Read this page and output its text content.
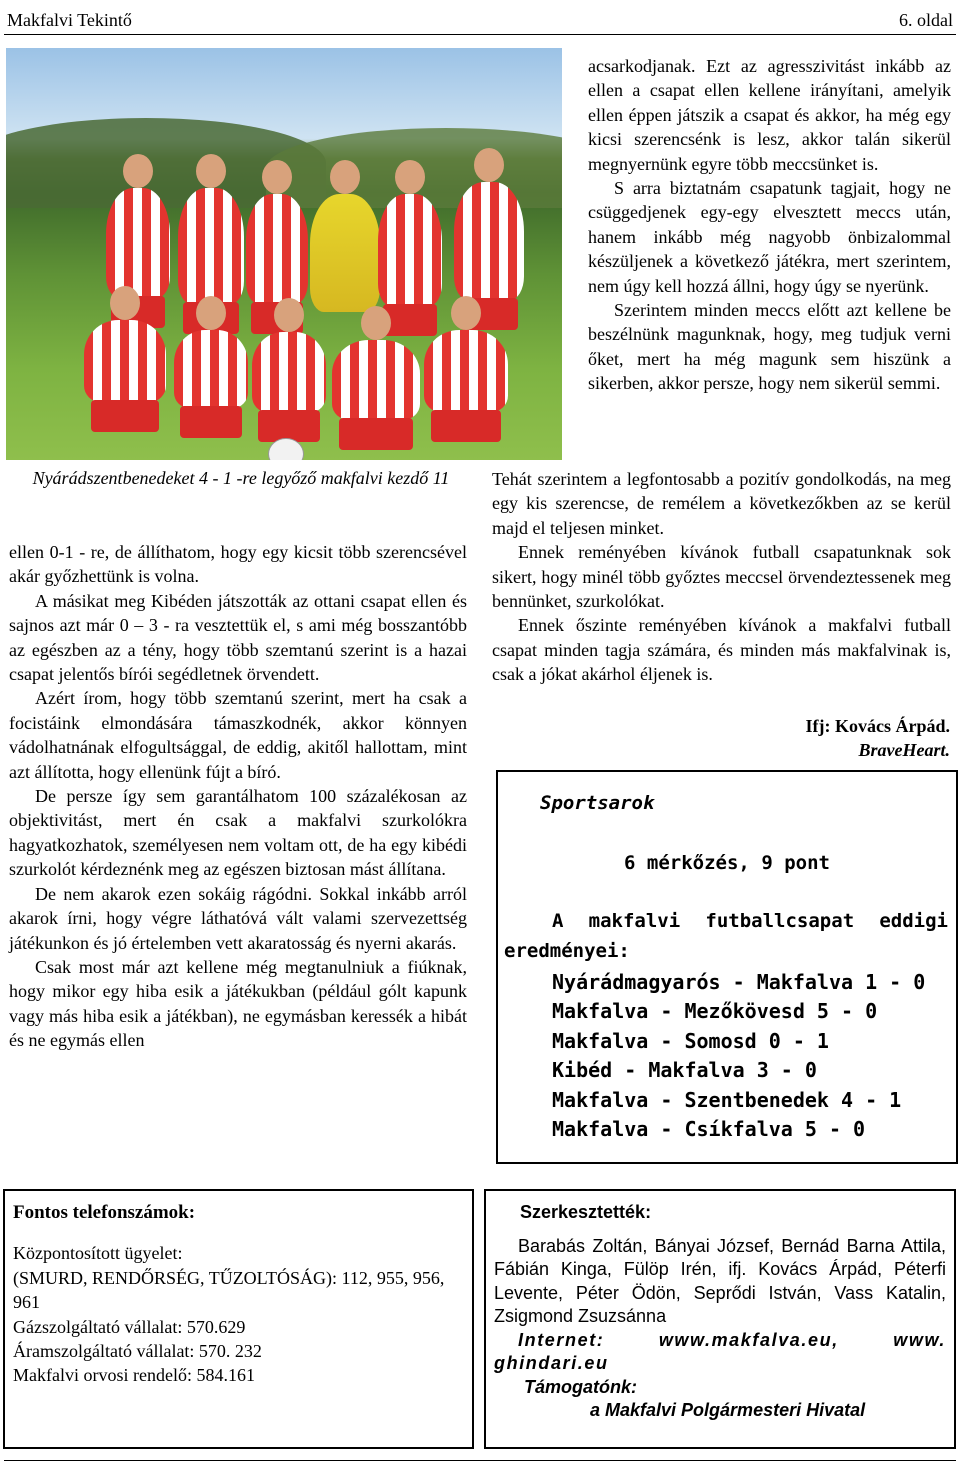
Makfalvi Tekintő	6. oldal
Nyárádszentbenedeket 4 - 1 -re legyőző makfalvi kezdő 11

ellen 0-1 - re, de állíthatom, hogy egy kicsit több szerencsével akár győzhettünk is volna.

A másikat meg Kibéden játszották az ottani csapat ellen és sajnos azt már 0 – 3 - ra vesztettük el, s ami még bosszantóbb az egészben az a tény, hogy több szemtanú szerint is a hazai csapat jelentős bírói segédletnek örvendett.

Azért írom, hogy több szemtanú szerint, mert ha csak a focistáink elmondására támaszkodnék, akkor könnyen vádolhatnának elfogultsággal, de eddig, akitől hallottam, mint azt állította, hogy ellenünk fújt a bíró.

De persze így sem garantálhatom 100 százalékosan az objektivitást, mert én csak a makfalvi szurkolókra hagyatkozhatok, személyesen nem voltam ott, de ha egy kibédi szurkolót kérdeznénk meg az egészen biztosan mást állítana.

De nem akarok ezen sokáig rágódni. Sokkal inkább arról akarok írni, hogy végre láthatóvá vált valami szervezettség játékunkon és jó értelemben vett akaratosság és nyerni akarás.

Csak most már azt kellene még megtanulniuk a fiúknak, hogy mikor egy hiba esik a játékukban (például gólt kapunk vagy más hiba esik a játékban), ne egymásban keressék a hibát és ne egymás ellen

acsarkodjanak. Ezt az agresszivitást inkább az ellen a csapat ellen kellene irányítani, amelyik ellen éppen játszik a csapat és akkor, ha még egy kicsi szerencsénk is lesz, akkor talán sikerül megnyernünk egyre több meccsünket is.

S arra biztatnám csapatunk tagjait, hogy ne csüggedjenek egy-egy elvesztett meccs után, hanem inkább még nagyobb önbizalommal készüljenek a következő játékra, mert szerintem, nem úgy kell hozzá állni, hogy úgy se nyerünk.

Szerintem minden meccs előtt azt kellene be beszélnünk magunknak, hogy, meg tudjuk verni őket, mert ha még magunk sem hiszünk a sikerben, akkor persze, hogy nem sikerül semmi.

Tehát szerintem a legfontosabb a pozitív gondolkodás, na meg egy kis szerencse, de remélem a következőkben az se kerül majd el teljesen minket.

Ennek reményében kívánok futball csapatunknak sok sikert, hogy minél több győztes meccsel örvendeztessenek meg bennünket, szurkolókat.

Ennek őszinte reményében kívánok a makfalvi futball csapat minden tagja számára, és minden más makfalvinak is, csak a jókat akárhol éljenek is.

Ifj: Kovács Árpád.
BraveHeart.
Sportsarok
6 mérkőzés, 9 pont
A makfalvi futballcsapat eddigi
eredményei:
Nyárádmagyarós - Makfalva 1 - 0
Makfalva - Mezőkövesd 5 - 0
Makfalva - Somosd 0 - 1
Kibéd - Makfalva 3 - 0
Makfalva - Szentbenedek 4 - 1
Makfalva - Csíkfalva 5 - 0
Fontos telefonszámok:
Központosított ügyelet:
(SMURD, RENDŐRSÉG, TŰZOLTÓSÁG): 112, 955, 956, 961
Gázszolgáltató vállalat: 570.629
Áramszolgáltató vállalat: 570. 232
Makfalvi orvosi rendelő: 584.161
Szerkesztették:
Barabás Zoltán, Bányai József, Bernád Barna Attila, Fábián Kinga, Fülöp Irén, ifj. Kovács Árpád, Péterfi Levente, Péter Ödön, Seprődi István, Vass Katalin, Zsigmond Zsuzsánna
Internet: www.makfalva.eu, www. ghindari.eu
Támogatónk:
a Makfalvi Polgármesteri Hivatal
